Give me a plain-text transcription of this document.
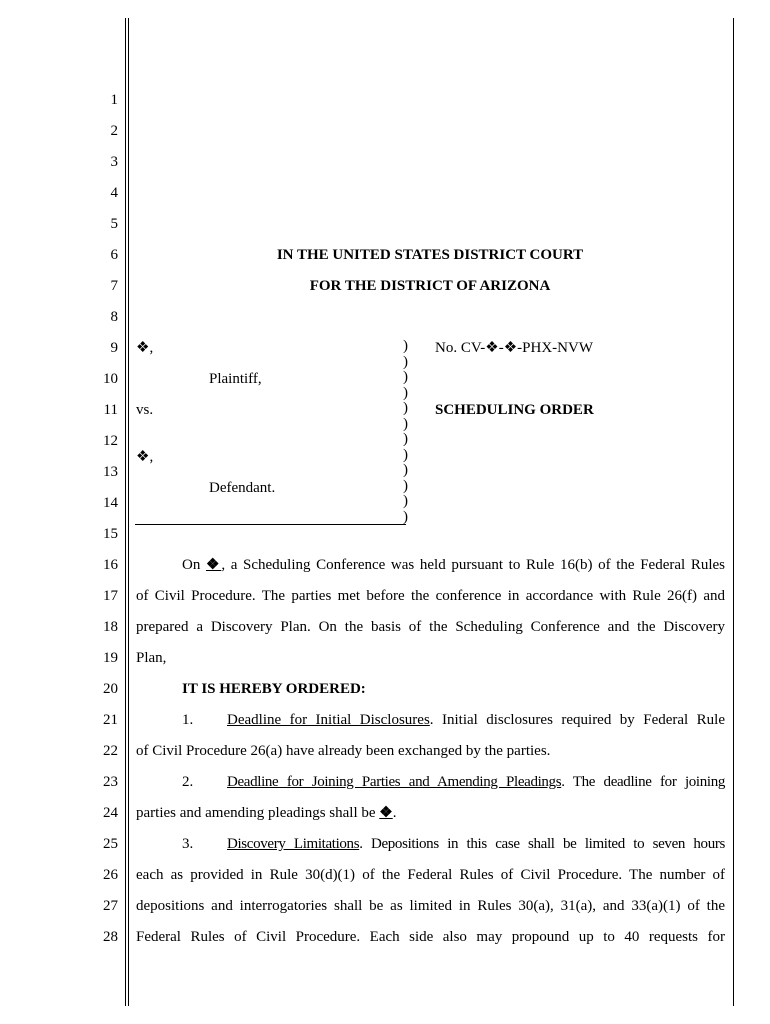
1
2
3
4
5
6
7
8
9
10
11
12
13
14
15
16
17
18
19
20
21
22
23
24
25
26
27
28
IN THE UNITED STATES DISTRICT COURT
FOR THE DISTRICT OF ARIZONA
❖,
Plaintiff,
vs.
❖,
Defendant.
)
)
)
)
)
)
)
)
)
)
)
)
No. CV-❖-❖-PHX-NVW
SCHEDULING ORDER
On ❖, a Scheduling Conference was held pursuant to Rule 16(b) of the Federal Rules
of Civil Procedure. The parties met before the conference in accordance with Rule 26(f) and
prepared a Discovery Plan. On the basis of the Scheduling Conference and the Discovery
Plan,
IT IS HEREBY ORDERED:
1. Deadline for Initial Disclosures. Initial disclosures required by Federal Rule
of Civil Procedure 26(a) have already been exchanged by the parties.
2. Deadline for Joining Parties and Amending Pleadings. The deadline for joining
parties and amending pleadings shall be ❖.
3. Discovery Limitations. Depositions in this case shall be limited to seven hours
each as provided in Rule 30(d)(1) of the Federal Rules of Civil Procedure. The number of
depositions and interrogatories shall be as limited in Rules 30(a), 31(a), and 33(a)(1) of the
Federal Rules of Civil Procedure. Each side also may propound up to 40 requests for
